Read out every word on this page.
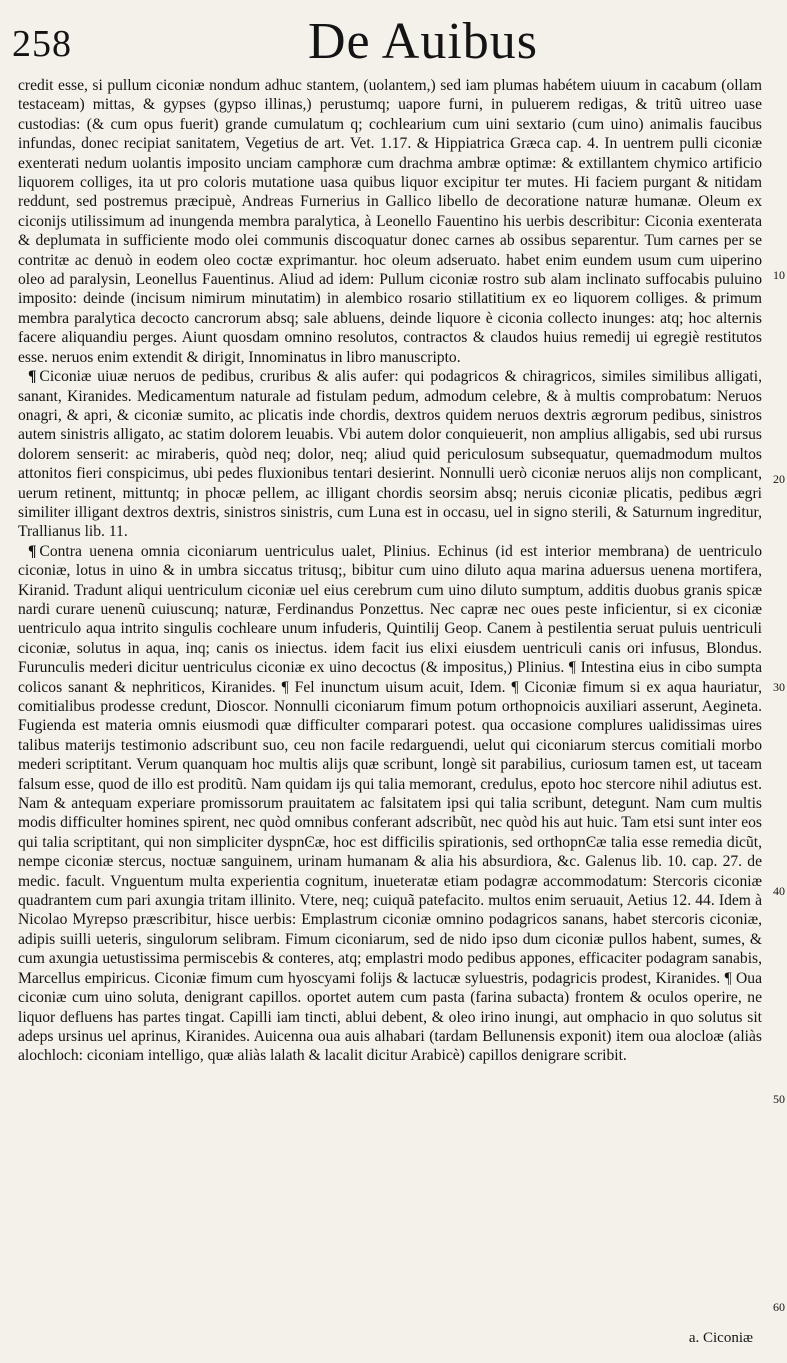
258	De Auibus

credit esse, si pullum ciconiæ nondum adhuc stantem, (uolantem,) sed iam plumas habétem uiuum in cacabum (ollam testaceam) mittas, & gypses (gypso illinas,) perustumq; uapore furni, in puluerem redigas, & tritũ uitreo uase custodias: (& cum opus fuerit) grande cumulatum q; cochlearium cum uini sextario (cum uino) animalis faucibus infundas, donec recipiat sanitatem, Vegetius de art. Vet. 1.17. & Hippiatrica Græca cap. 4. In uentrem pulli ciconiæ exenterati nedum uolantis imposito unciam camphoræ cum drachma ambræ optimæ: & extillantem chymico artificio liquorem colliges, ita ut pro coloris mutatione uasa quibus liquor excipitur ter mutes. Hi faciem purgant & nitidam reddunt, sed postremus præcipuè, Andreas Furnerius in Gallico libello de decoratione naturæ humanæ. Oleum ex ciconijs utilissimum ad inungenda membra paralytica, à Leonello Fauentino his uerbis describitur: Ciconia exenterata & deplumata in sufficiente modo olei communis discoquatur donec carnes ab ossibus separentur. Tum carnes per se contritæ ac denuò in eodem oleo coctæ exprimantur. hoc oleum adseruato. habet enim eundem usum cum uiperino oleo ad paralysin, Leonellus Fauentinus. Aliud ad idem: Pullum ciconiæ rostro sub alam inclinato suffocabis puluino imposito: deinde (incisum nimirum minutatim) in alembico rosario stillatitium ex eo liquorem colliges. & primum membra paralytica decocto cancrorum absq; sale abluens, deinde liquore è ciconia collecto inunges: atq; hoc alternis facere aliquandiu perges. Aiunt quosdam omnino resolutos, contractos & claudos huius remedij ui egregiè restitutos esse. neruos enim extendit & dirigit, Innominatus in libro manuscripto.

¶ Ciconiæ uiuæ neruos de pedibus, cruribus & alis aufer: qui podagricos & chiragricos, similes similibus alligati, sanant, Kiranides. Medicamentum naturale ad fistulam pedum, admodum celebre, & à multis comprobatum: Neruos onagri, & apri, & ciconiæ sumito, ac plicatis inde chordis, dextros quidem neruos dextris ægrorum pedibus, sinistros autem sinistris alligato, ac statim dolorem leuabis. Vbi autem dolor conquieuerit, non amplius alligabis, sed ubi rursus dolorem senserit: ac miraberis, quòd neq; dolor, neq; aliud quid periculosum subsequatur, quemadmodum multos attonitos fieri conspicimus, ubi pedes fluxionibus tentari desierint. Nonnulli uerò ciconiæ neruos alijs non complicant, uerum retinent, mittuntq; in phocæ pellem, ac illigant chordis seorsim absq; neruis ciconiæ plicatis, pedibus ægri similiter illigant dextros dextris, sinistros sinistris, cum Luna est in occasu, uel in signo sterili, & Saturnum ingreditur, Trallianus lib. 11.

¶ Contra uenena omnia ciconiarum uentriculus ualet, Plinius. Echinus (id est interior membrana) de uentriculo ciconiæ, lotus in uino & in umbra siccatus tritusq;, bibitur cum uino diluto aqua marina aduersus uenena mortifera, Kiranid. Tradunt aliqui uentriculum ciconiæ uel eius cerebrum cum uino diluto sumptum, additis duobus granis spicæ nardi curare uenenũ cuiuscunq; naturæ, Ferdinandus Ponzettus. Nec capræ nec oues peste inficientur, si ex ciconiæ uentriculo aqua intrito singulis cochleare unum infuderis, Quintilij Geop. Canem à pestilentia seruat puluis uentriculi ciconiæ, solutus in aqua, inq; canis os iniectus. idem facit ius elixi eiusdem uentriculi canis ori infusus, Blondus. Furunculis mederi dicitur uentriculus ciconiæ ex uino decoctus (& impositus,) Plinius. ¶ Intestina eius in cibo sumpta colicos sanant & nephriticos, Kiranides. ¶ Fel inunctum uisum acuit, Idem. ¶ Ciconiæ fimum si ex aqua hauriatur, comitialibus prodesse credunt, Dioscor. Nonnulli ciconiarum fimum potum orthopnoicis auxiliari asserunt, Aegineta. Fugienda est materia omnis eiusmodi quæ difficulter comparari potest. qua occasione complures ualidissimas uires talibus materijs testimonio adscribunt suo, ceu non facile redarguendi, uelut qui ciconiarum stercus comitiali morbo mederi scriptitant. Verum quanquam hoc multis alijs quæ scribunt, longè sit parabilius, curiosum tamen est, ut taceam falsum esse, quod de illo est proditũ. Nam quidam ijs qui talia memorant, credulus, epoto hoc stercore nihil adiutus est. Nam & antequam experiare promissorum prauitatem ac falsitatem ipsi qui talia scribunt, detegunt. Nam cum multis modis difficulter homines spirent, nec quòd omnibus conferant adscribũt, nec quòd his aut huic. Tam etsi sunt inter eos qui talia scriptitant, qui non simpliciter dyspnϾæ, hoc est difficilis spirationis, sed orthopnϾæ talia esse remedia dicũt, nempe ciconiæ stercus, noctuæ sanguinem, urinam humanam & alia his absurdiora, &c. Galenus lib. 10. cap. 27. de medic. facult. Vnguentum multa experientia cognitum, inueteratæ etiam podagræ accommodatum: Stercoris ciconiæ quadrantem cum pari axungia tritam illinito. Vtere, neq; cuiquã patefacito. multos enim seruauit, Aetius 12. 44. Idem à Nicolao Myrepso præscribitur, hisce uerbis: Emplastrum ciconiæ omnino podagricos sanans, habet stercoris ciconiæ, adipis suilli ueteris, singulorum selibram. Fimum ciconiarum, sed de nido ipso dum ciconiæ pullos habent, sumes, & cum axungia uetustissima permiscebis & conteres, atq; emplastri modo pedibus appones, efficaciter podagram sanabis, Marcellus empiricus. Ciconiæ fimum cum hyoscyami folijs & lactucæ syluestris, podagricis prodest, Kiranides. ¶ Oua ciconiæ cum uino soluta, denigrant capillos. oportet autem cum pasta (farina subacta) frontem & oculos operire, ne liquor defluens has partes tingat. Capilli iam tincti, ablui debent, & oleo irino inungi, aut omphacio in quo solutus sit adeps ursinus uel aprinus, Kiranides. Auicenna oua auis alhabari (tardam Bellunensis exponit) item oua alocloæ (aliàs alochloch: ciconiam intelligo, quæ aliàs lalath & lacalit dicitur Arabicè) capillos denigrare scribit.

10
20
30
40
50
60
a. Ciconiæ
